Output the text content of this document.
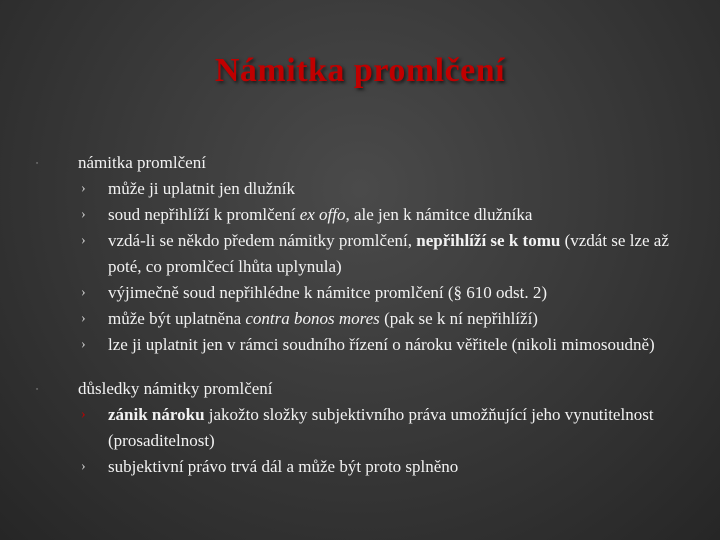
Námitka promlčení
▫	námitka promlčení
› může ji uplatnit jen dlužník
› soud nepřihlíží k promlčení ex offo, ale jen k námitce dlužníka
› vzdá-li se někdo předem námitky promlčení, nepřihlíží se k tomu (vzdát se lze až poté, co promlčecí lhůta uplynula)
› výjimečně soud nepřihlédne k námitce promlčení (§ 610 odst. 2)
› může být uplatněna contra bonos mores (pak se k ní nepřihlíží)
› lze ji uplatnit jen v rámci soudního řízení o nároku věřitele (nikoli mimosoudně)
▫	důsledky námitky promlčení
› zánik nároku jakožto složky subjektivního práva umožňující jeho vynutitelnost (prosaditelnost)
› subjektivní právo trvá dál a může být proto splněno
